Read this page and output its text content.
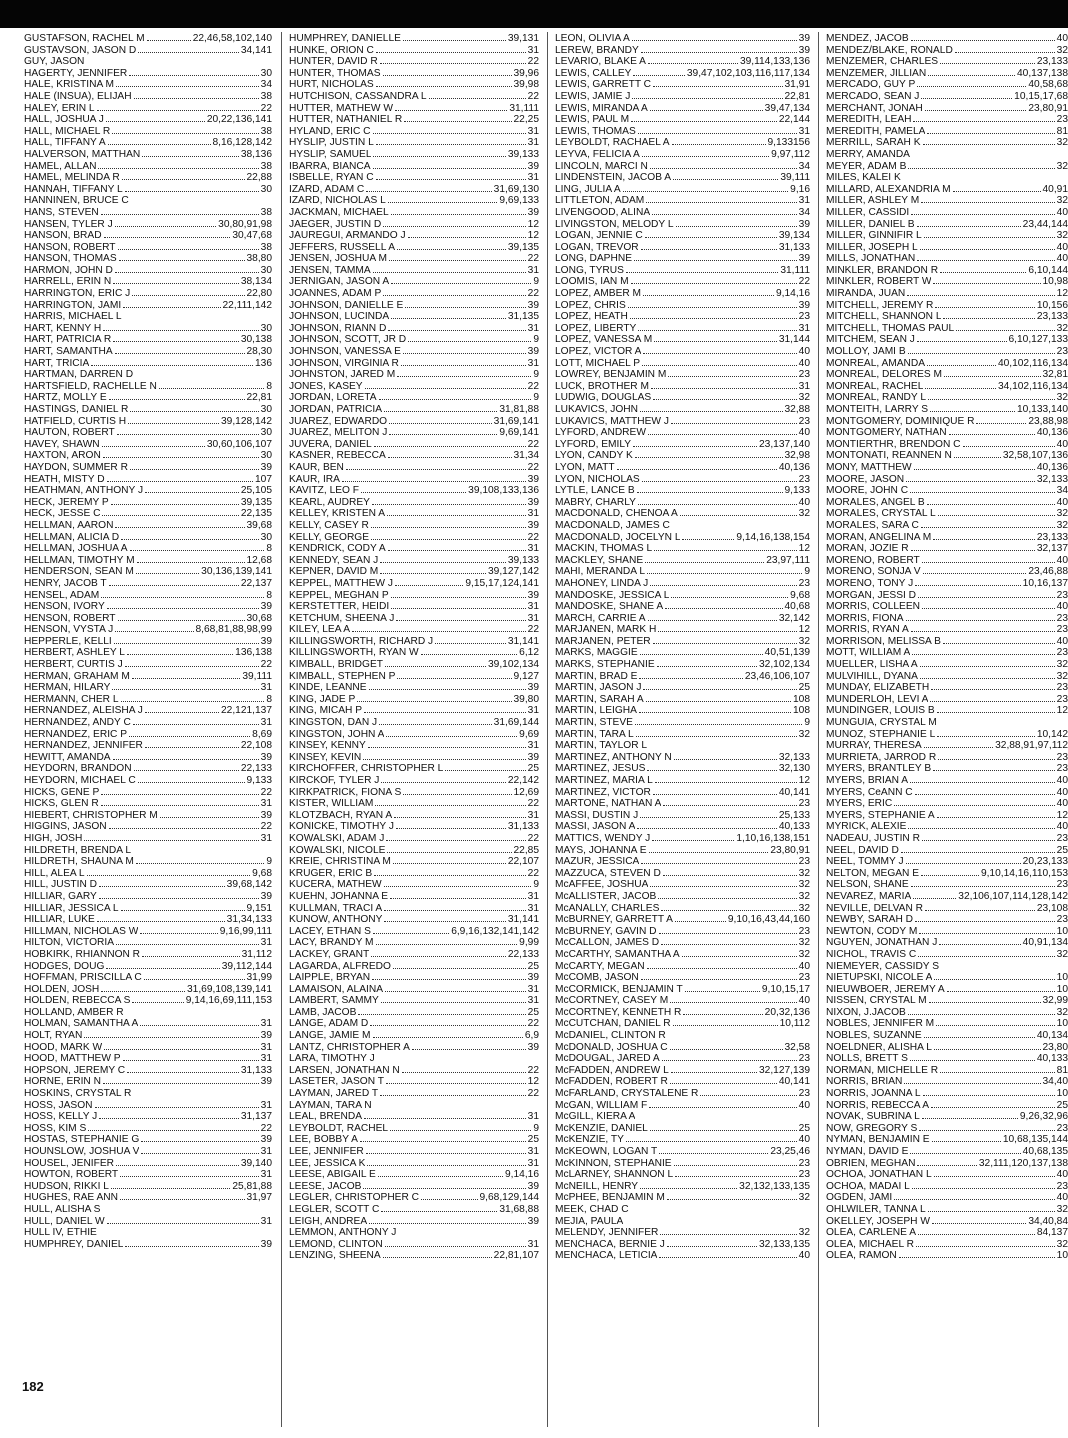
GUSTAFSON, RACHEL M	22,46,58,102,140
GUSTAVSON, JASON D	34,141
GUY, JASON
HAGERTY, JENNIFER	30
HALE, KRISTINA M	34
HALE (INSUA), ELIJAH	38
HALEY, ERIN L	22
HALL, JOSHUA J	20,22,136,141
HALL, MICHAEL R	38
HALL, TIFFANY A	8,16,128,142
HALVERSON, MATTHAN	38,136
HAMEL, ALLAN	38
HAMEL, MELINDA R	22,88
HANNAH, TIFFANY L	30
HANNINEN, BRUCE C
HANS, STEVEN	38
HANSEN, TYLER J	30,80,91,98
HANSON, BRAD	30,47,68
HANSON, ROBERT	38
HANSON, THOMAS	38,80
HARMON, JOHN D	30
HARRELL, ERIN N	38,134
HARRINGTON, ERIC J	22,80
HARRINGTON, JAMI	22,111,142
HARRIS, MICHAEL L
HART, KENNY H	30
HART, PATRICIA R	30,138
HART, SAMANTHA	28,30
HART, TRICIA	136
HARTMAN, DARREN D
HARTSFIELD, RACHELLE N	8
HARTZ, MOLLY E	22,81
HASTINGS, DANIEL R	30
HATFIELD, CURTIS H	39,128,142
HAUTON, ROBERT	30
HAVEY, SHAWN	30,60,106,107
HAXTON, ARON	30
HAYDON, SUMMER R	39
HEATH, MISTY D	107
HEATHMAN, ANTHONY J	25,105
HECK, JEREMY P	39,135
HECK, JESSE C	22,135
HELLMAN, AARON	39,68
HELLMAN, ALICIA D	30
HELLMAN, JOSHUA A	8
HELLMAN, TIMOTHY M	12,68
HENDERSON, SEAN M	30,136,139,141
HENRY, JACOB T	22,137
HENSEL, ADAM	8
HENSON, IVORY	39
HENSON, ROBERT	30,68
HENSON, VYSTA J	8,68,81,88,98,99
HEPPERLE, KELLI	39
HERBERT, ASHLEY L	136,138
HERBERT, CURTIS J	22
HERMAN, GRAHAM M	39,111
HERMAN, HILARY	31
HERMANN, CHER L	8
HERNANDEZ, ALEISHA J	22,121,137
HERNANDEZ, ANDY C	31
HERNANDEZ, ERIC P	8,69
HERNANDEZ, JENNIFER	22,108
HEWITT, AMANDA	39
HEYDORN, BRANDON	22,133
HEYDORN, MICHAEL C	9,133
HICKS, GENE P	22
HICKS, GLEN R	31
HIEBERT, CHRISTOPHER M	39
HIGGINS, JASON	22
HIGH, JOSH	31
HILDRETH, BRENDA L
HILDRETH, SHAUNA M	9
HILL, ALEA L	9,68
HILL, JUSTIN D	39,68,142
HILLIAR, GARY	39
HILLIAR, JESSICA L	9,151
HILLIAR, LUKE	31,34,133
HILLMAN, NICHOLAS W	9,16,99,111
HILTON, VICTORIA	31
HOBKIRK, RHIANNON R	31,112
HODGES, DOUG	39,112,144
HOFFMAN, PRISCILLA C	31,99
HOLDEN, JOSH	31,69,108,139,141
HOLDEN, REBECCA S	9,14,16,69,111,153
HOLLAND, AMBER R
HOLMAN, SAMANTHA A	31
HOLT, RYAN	39
HOOD, MARK W	31
HOOD, MATTHEW P	31
HOPSON, JEREMY C	31,133
HORNE, ERIN N	39
HOSKINS, CRYSTAL R
HOSS, JASON	31
HOSS, KELLY J	31,137
HOSS, KIM S	22
HOSTAS, STEPHANIE G	39
HOUNSLOW, JOSHUA V	31
HOUSEL, JENIFER	39,140
HOWTON, ROBERT	31
HUDSON, RIKKI L	25,81,88
HUGHES, RAE ANN	31,97
HULL, ALISHA S
HULL, DANIEL W	31
HULL IV, ETHIE
HUMPHREY, DANIEL	39
HUMPHREY, DANIELLE	39,131
HUNKE, ORION C	31
HUNTER, DAVID R	22
HUNTER, THOMAS	39,96
HURT, NICHOLAS	39,98
HUTCHISON, CASSANDRA L	22
HUTTER, MATHEW W	31,111
HUTTER, NATHANIEL R	22,25
HYLAND, ERIC C	31
HYSLIP, JUSTIN L	31
HYSLIP, SAMUEL	39,133
IBARRA, BIANCA	39
ISBELLE, RYAN C	31
IZARD, ADAM C	31,69,130
IZARD, NICHOLAS L	9,69,133
JACKMAN, MICHAEL	39
JAEGER, JUSTIN D	12
JAUREGUI, ARMANDO J	12
JEFFERS, RUSSELL A	39,135
JENSEN, JOSHUA M	22
JENSEN, TAMMA	31
JERNIGAN, JASON A	9
JOANNES, ADAM P	22
JOHNSON, DANIELLE E	39
JOHNSON, LUCINDA	31,135
JOHNSON, RIANN D	31
JOHNSON, SCOTT, JR D	9
JOHNSON, VANESSA E	39
JOHNSON, VIRGINIA R	31
JOHNSTON, JARED M	9
JONES, KASEY	22
JORDAN, LORETA	9
JORDAN, PATRICIA	31,81,88
JUAREZ, EDWARDO	31,69,141
JUAREZ, MELITON J	9,69,141
JUVERA, DANIEL	22
KASNER, REBECCA	31,34
KAUR, BEN	22
KAUR, IRA	39
KAVITZ, LEO F	39,108,133,136
KEARL, AUDREY	39
KELLEY, KRISTEN A	31
KELLY, CASEY R	39
KELLY, GEORGE	22
KENDRICK, CODY A	31
KENNEDY, SEAN J	39,133
KEPNER, DAVID M	39,127,142
KEPPEL, MATTHEW J	9,15,17,124,141
KEPPEL, MEGHAN P	39
KERSTETTER, HEIDI	31
KETCHUM, SHEENA J	31
KILEY, LEA A	22
KILLINGSWORTH, RICHARD J	31,141
KILLINGSWORTH, RYAN W	6,12
KIMBALL, BRIDGET	39,102,134
KIMBALL, STEPHEN P	9,127
KINDE, LEANNE	39
KING, JADE P	39,80
KING, MICAH P	31
KINGSTON, DAN J	31,69,144
KINGSTON, JOHN A	9,69
KINSEY, KENNY	31
KINSEY, KEVIN	39
KIRCHOFFER, CHRISTOPHER L	25
KIRCKOF, TYLER J	22,142
KIRKPATRICK, FIONA S	12,69
KISTER, WILLIAM	22
KLOTZBACH, RYAN A	31
KONICKE, TIMOTHY J	31,133
KOWALSKI, ADAM J	22
KOWALSKI, NICOLE	22,85
KREIE, CHRISTINA M	22,107
KRUGER, ERIC B	22
KUCERA, MATHEW	9
KUEHN, JOHANNA E	31
KULLMAN, TRACI A	31
KUNOW, ANTHONY	31,141
LACEY, ETHAN S	6,9,16,132,141,142
LACY, BRANDY M	9,99
LACKEY, GRANT	22,133
LAGARDA, ALFREDO	25
LAIPPLE, BRYAN	39
LAMAISON, ALAINA	31
LAMBERT, SAMMY	31
LAMB, JACOB	25
LANGE, ADAM D	22
LANGE, JAMIE M	6,9
LANTZ, CHRISTOPHER A	39
LARA, TIMOTHY J
LARSEN, JONATHAN N	22
LASETER, JASON T	12
LAYMAN, JARED T	22
LAYMAN, TARA N
LEAL, BRENDA	31
LEYBOLDT, RACHEL	9
LEE, BOBBY A	25
LEE, JENNIFER	31
LEE, JESSICA K	31
LEESE, ABIGAIL E	9,14,16
LEESE, JACOB	39
LEGLER, CHRISTOPHER C	9,68,129,144
LEGLER, SCOTT C	31,68,88
LEIGH, ANDREA	39
LEMMON, ANTHONY J
LEMOND, CLINTON	31
LENZING, SHEENA	22,81,107
LEON, OLIVIA A	39
LEREW, BRANDY	39
LEVARIO, BLAKE A	39,114,133,136
LEWIS, CALLEY	39,47,102,103,116,117,134
LEWIS, GARRETT C	31,91
LEWIS, JAMIE J	22,81
LEWIS, MIRANDA A	39,47,134
LEWIS, PAUL M	22,144
LEWIS, THOMAS	31
LEYBOLDT, RACHAEL A	9,133156
LEYVA, FELICIA A	9,97,112
LINCOLN, MARCI N	34
LINDENSTEIN, JACOB A	39,111
LING, JULIA A	9,16
LITTLETON, ADAM	31
LIVENGOOD, ALINA	34
LIVINGSTON, MELODY L	39
LOGAN, JENNIE C	39,134
LOGAN, TREVOR	31,133
LONG, DAPHNE	39
LONG, TYRUS	31,111
LOOMIS, IAN M	22
LOPEZ, AMBER M	9,14,16
LOPEZ, CHRIS	39
LOPEZ, HEATH	23
LOPEZ, LIBERTY	31
LOPEZ, VANESSA M	31,144
LOPEZ, VICTOR A	40
LOTT, MICHAEL P	40
LOWREY, BENJAMIN M	23
LUCK, BROTHER M	31
LUDWIG, DOUGLAS	32
LUKAVICS, JOHN	32,88
LUKAVICS, MATTHEW J	23
LYFORD, ANDREW	40
LYFORD, EMILY	23,137,140
LYON, CANDY K	32,98
LYON, MATT	40,136
LYON, NICHOLAS	23
LYTLE, LANCE B	9,133
MABRY, CHARLY	40
MACDONALD, CHENOA A	32
MACDONALD, JAMES C
MACDONALD, JOCELYN L	9,14,16,138,154
MACKIN, THOMAS L	12
MACKLEY, SHANE	23,97,111
MAHI, MERANDA L	9
MAHONEY, LINDA J	23
MANDOSKE, JESSICA L	9,68
MANDOSKE, SHANE A	40,68
MARCH, CARRIE A	32,142
MARJANEN, MARK H	12
MARJANEN, PETER	32
MARKS, MAGGIE	40,51,139
MARKS, STEPHANIE	32,102,134
MARTIN, BRAD E	23,46,106,107
MARTIN, JASON J	25
MARTIN, SARAH A	108
MARTIN, LEIGHA	108
MARTIN, STEVE	9
MARTIN, TARA L	32
MARTIN, TAYLOR L
MARTINEZ, ANTHONY N	32,133
MARTINEZ, JESUS	32,130
MARTINEZ, MARIA L	12
MARTINEZ, VICTOR	40,141
MARTONE, NATHAN A	23
MASSI, DUSTIN J	25,133
MASSI, JASON A	40,133
MATTICS, WENDY J	1,10,16,138,151
MAYS, JOHANNA E	23,80,91
MAZUR, JESSICA	23
MAZZUCA, STEVEN D	32
McAFFEE, JOSHUA	32
McALLISTER, JACOB	32
McANALLY, CHARLES	32
McBURNEY, GARRETT A	9,10,16,43,44,160
McBURNEY, GAVIN D	23
McCALLON, JAMES D	32
McCARTHY, SAMANTHA A	32
McCARTY, MEGAN	40
McCOMB, JASON	23
McCORMICK, BENJAMIN T	9,10,15,17
McCORTNEY, CASEY M	40
McCORTNEY, KENNETH R	20,32,136
McCUTCHAN, DANIEL R	10,112
McDANIEL, CLINTON R
McDONALD, JOSHUA C	32,58
McDOUGAL, JARED A	23
McFADDEN, ANDREW L	32,127,139
McFADDEN, ROBERT R	40,141
McFARLAND, CRYSTALENE R	23
McGAN, WILLIAM F	40
McGILL, KIERA A
McKENZIE, DANIEL	25
McKENZIE, TY	40
McKEOWN, LOGAN T	23,25,46
McKINNON, STEPHANIE	23
McLARNEY, SHANNON L	23
McNEILL, HENRY	32,132,133,135
McPHEE, BENJAMIN M	32
MEEK, CHAD C
MEJIA, PAULA
MELENDY, JENNIFER	32
MENCHACA, BERNIE J	32,133,135
MENCHACA, LETICIA	40
MENDEZ, JACOB	40
MENDEZ/BLAKE, RONALD	32
MENZEMER, CHARLES	23,133
MENZEMER, JILLIAN	40,137,138
MERCADO, GUY P	40,58,68
MERCADO, SEAN J	10,15,17,68
MERCHANT, JONAH	23,80,91
MEREDITH, LEAH	23
MEREDITH, PAMELA	81
MERRILL, SARAH K	32
MERRY, AMANDA
MEYER, ADAM B	32
MILES, KALEI K
MILLARD, ALEXANDRIA M	40,91
MILLER, ASHLEY M	32
MILLER, CASSIDI	40
MILLER, DANIEL B	23,44,144
MILLER, GINNIFIR L	32
MILLER, JOSEPH L	40
MILLS, JONATHAN	40
MINKLER, BRANDON R	6,10,144
MINKLER, ROBERT W	10,98
MIRANDA, JUAN	12
MITCHELL, JEREMY R	10,156
MITCHELL, SHANNON L	23,133
MITCHELL, THOMAS PAUL	32
MITCHEM, SEAN J	6,10,127,133
MOLLOY, JAMI B	23
MONREAL, AMANDA	40,102,116,134
MONREAL, DELORES M	32,81
MONREAL, RACHEL	34,102,116,134
MONREAL, RANDY L	32
MONTEITH, LARRY S	10,133,140
MONTGOMERY, DOMINIQUE R	23,88,98
MONTGOMERY, NATHAN	40,136
MONTIERTHR, BRENDON C	40
MONTONATI, REANNEN N	32,58,107,136
MONY, MATTHEW	40,136
MOORE, JASON	32,133
MOORE, JOHN C	34
MORALES, ANGEL B	40
MORALES, CRYSTAL L	32
MORALES, SARA C	32
MORAN, ANGELINA M	23,133
MORAN, JOZIE R	32,137
MORENO, ROBERT	40
MORENO, SONJA V	23,46,88
MORENO, TONY J	10,16,137
MORGAN, JESSI D	23
MORRIS, COLLEEN	40
MORRIS, FIONA	23
MORRIS, RYAN A	23
MORRISON, MELISSA B	40
MOTT, WILLIAM A	23
MUELLER, LISHA A	32
MULVIHILL, DYANA	32
MUNDAY, ELIZABETH	23
MUNDERLOH, LEVI A	23
MUNDINGER, LOUIS B	12
MUNGUIA, CRYSTAL M
MUNOZ, STEPHANIE L	10,142
MURRAY, THERESA	32,88,91,97,112
MURRIETA, JARROD R	23
MYERS, BRANTLEY B	23
MYERS, BRIAN A	40
MYERS, CeANN C	40
MYERS, ERIC	40
MYERS, STEPHANIE A	12
MYRICK, ALEXIE	40
NADEAU, JUSTIN R	23
NEEL, DAVID D	25
NEEL, TOMMY J	20,23,133
NELTON, MEGAN E	9,10,14,16,110,153
NELSON, SHANE	23
NEVAREZ, MARIA	32,106,107,114,128,142
NEVILLE, DELVAN R	23,108
NEWBY, SARAH D	23
NEWTON, CODY M	10
NGUYEN, JONATHAN J	40,91,134
NICHOL, TRAVIS C	32
NIEMEYER, CASSIDY S
NIETUPSKI, NICOLE A	10
NIEUWBOER, JEREMY A	10
NISSEN, CRYSTAL M	32,99
NIXON, J.JACOB	32
NOBLES, JENNIFER M	10
NOBLES, SUZANNE	40,134
NOELDNER, ALISHA L	23,80
NOLLS, BRETT S	40,133
NORMAN, MICHELLE R	81
NORRIS, BRIAN	34,40
NORRIS, JOANNA L	10
NORRIS, REBECCA A	25
NOVAK, SUBRINA L	9,26,32,96
NOW, GREGORY S	23
NYMAN, BENJAMIN E	10,68,135,144
NYMAN, DAVID E	40,68,135
OBRIEN, MEGHAN	32,111,120,137,138
OCHOA, JONATHAN L	40
OCHOA, MADAI L	23
OGDEN, JAMI	40
OHLWILER, TANNA L	32
OKELLEY, JOSEPH W	34,40,84
OLEA, CARLENE A	84,137
OLEA, MICHAEL R	32
OLEA, RAMON	10
182
